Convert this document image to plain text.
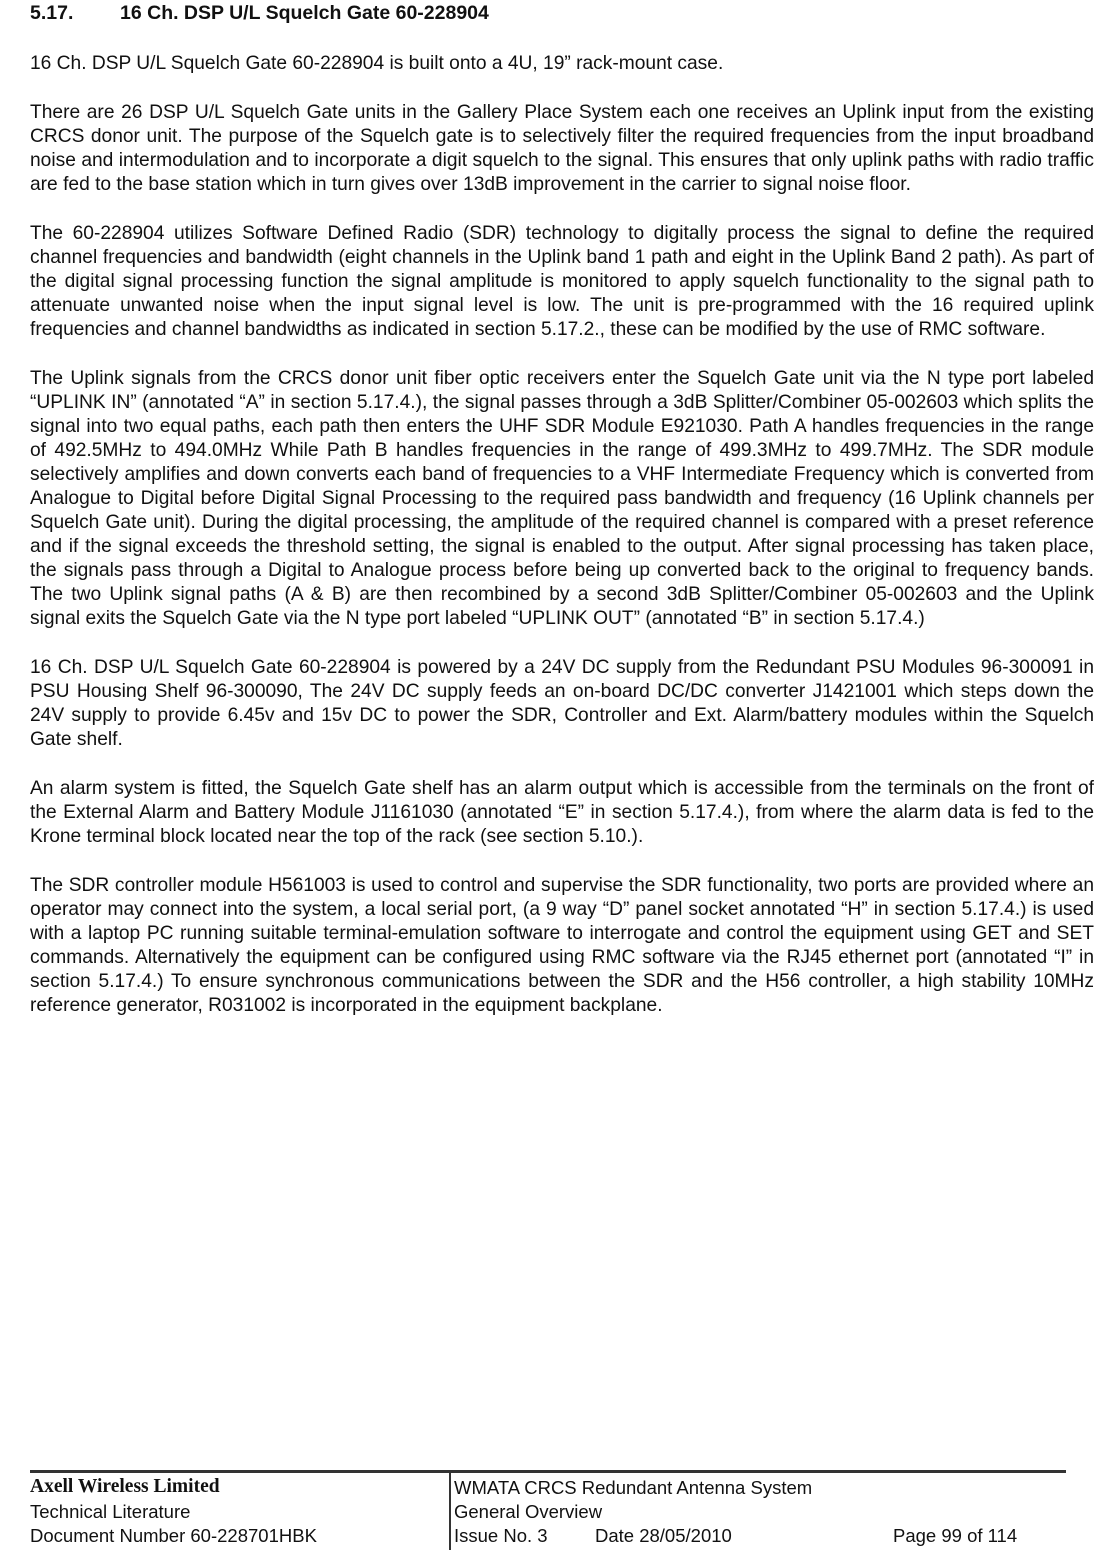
5.17. 16 Ch. DSP U/L Squelch Gate 60-228904

16 Ch. DSP U/L Squelch Gate 60-228904 is built onto a 4U, 19” rack-mount case.

There are 26 DSP U/L Squelch Gate units in the Gallery Place System each one receives an Uplink input from the existing CRCS donor unit. The purpose of the Squelch gate is to selectively filter the required frequencies from the input broadband noise and intermodulation and to incorporate a digit squelch to the signal. This ensures that only uplink paths with radio traffic are fed to the base station which in turn gives over 13dB improvement in the carrier to signal noise floor.

The 60-228904 utilizes Software Defined Radio (SDR) technology to digitally process the signal to define the required channel frequencies and bandwidth (eight channels in the Uplink band 1 path and eight in the Uplink Band 2 path). As part of the digital signal processing function the signal amplitude is monitored to apply squelch functionality to the signal path to attenuate unwanted noise when the input signal level is low. The unit is pre-programmed with the 16 required uplink frequencies and channel bandwidths as indicated in section 5.17.2., these can be modified by the use of RMC software.

The Uplink signals from the CRCS donor unit fiber optic receivers enter the Squelch Gate unit via the N type port labeled “UPLINK IN” (annotated “A” in section 5.17.4.), the signal passes through a 3dB Splitter/Combiner 05-002603 which splits the signal into two equal paths, each path then enters the UHF SDR Module E921030. Path A handles frequencies in the range of 492.5MHz to 494.0MHz While Path B handles frequencies in the range of 499.3MHz to 499.7MHz. The SDR module selectively amplifies and down converts each band of frequencies to a VHF Intermediate Frequency which is converted from Analogue to Digital before Digital Signal Processing to the required pass bandwidth and frequency (16 Uplink channels per Squelch Gate unit). During the digital processing, the amplitude of the required channel is compared with a preset reference and if the signal exceeds the threshold setting, the signal is enabled to the output. After signal processing has taken place, the signals pass through a Digital to Analogue process before being up converted back to the original to frequency bands. The two Uplink signal paths (A & B) are then recombined by a second 3dB Splitter/Combiner 05-002603 and the Uplink signal exits the Squelch Gate via the N type port labeled “UPLINK OUT” (annotated “B” in section 5.17.4.)

16 Ch. DSP U/L Squelch Gate 60-228904 is powered by a 24V DC supply from the Redundant PSU Modules 96-300091 in PSU Housing Shelf 96-300090, The 24V DC supply feeds an on-board DC/DC converter J1421001 which steps down the 24V supply to provide 6.45v and 15v DC to power the SDR, Controller and Ext. Alarm/battery modules within the Squelch Gate shelf.

An alarm system is fitted, the Squelch Gate shelf has an alarm output which is accessible from the terminals on the front of the External Alarm and Battery Module J1161030 (annotated “E” in section 5.17.4.), from where the alarm data is fed to the Krone terminal block located near the top of the rack (see section 5.10.).

The SDR controller module H561003 is used to control and supervise the SDR functionality, two ports are provided where an operator may connect into the system, a local serial port, (a 9 way “D” panel socket annotated “H” in section 5.17.4.) is used with a laptop PC running suitable terminal-emulation software to interrogate and control the equipment using GET and SET commands. Alternatively the equipment can be configured using RMC software via the RJ45 ethernet port (annotated “I” in section 5.17.4.) To ensure synchronous communications between the SDR and the H56 controller, a high stability 10MHz reference generator, R031002 is incorporated in the equipment backplane.

Axell Wireless Limited
Technical Literature
Document Number 60-228701HBK
WMATA CRCS Redundant Antenna System
General Overview
Issue No. 3	Date 28/05/2010	Page 99 of 114
